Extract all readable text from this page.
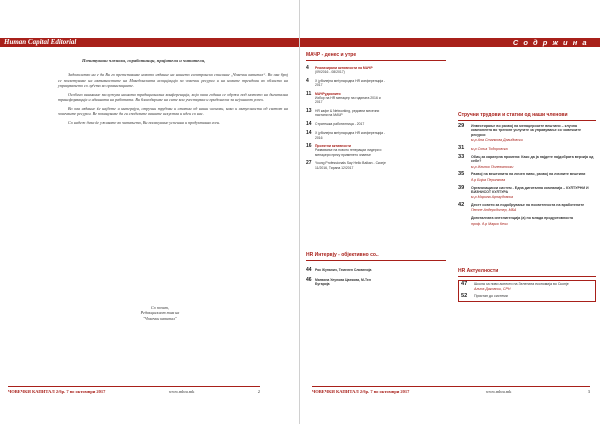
Human Capital Editorial
Почитувани членови, соработници, пријатели и читатели,

Задоволство ни е да Ви го претставиме новото издание на нашето електронско списание „Човечки капитал“. Во ова број се посветуваме на активностите на Македонската асоцијација за човечки ресурси и на новите трендови во областа на управувањето со луѓето во организациите.

Особено внимание заслужува нашата традиционална конференција, која оваа година се одржа под мотото на дигитална трансформација и иднината на работата. Ви благодариме на сите кои учествуваа и придонесоа за нејзиниот успех.

Во ова издание ќе најдете и интервјуа, стручни трудови и статии од наши членови, како и актуелности од светот на човечките ресурси. Ве покануваме да ги споделите вашите искуства и идеи со нас.

Со надеж дека ќе уживате во читањето, Ви посакуваме успешна и продуктивна есен.

Со почит,
Редакцискиот тим на
"Човечки капитал"
ЧОВЕЧКИ КАПИТАЛ 2/бр. 7 во октомври 2017	www.mhrа.mk	2
С о д р ж и н а
МАЧР - денес и утре
4	Реализирани активности на МАЧР
(09/2016 - 08/2017)
4	X јубилејна меѓународна HR конференција - 2017
11	МАЧРудионити
Избор на HR менаџер на годината 2016 и 2017
13	HR кафе & Networking, редовни месечни настани на МАЧР
14	Стратешка работилница - 2017
14	X јубилејна меѓународна HR конференција - 2016
16	Проектни активности
Развивање на новото генерации лидери и менаџери преку применето знаење
27	Young Professionals Say Hello Balkan - Скопје 11/2016, Тирана 12/2017
HR Интервју - објективно со..
44	Рок Жупанич, Темелен Словенија
46	Магвина Улунова Цвекова, М-Тел Бугарија
Стручни трудови и статии од наши членови
29	Инвестирање во развој на менаџерските вештини – клучна компонента во тренинг услугите за управување со човечките ресурси
м-р Ана Станкова Давидовски
31	м-р Соња Тодоровска
33	Обиц за кариерна промена: Како да ја најдете најдобрата верзија од себе?
м-р Илинко Полежаноски
35	Развој на вештинита на личен ниво, развој на личните вештини
д-р Бојка Перинкова
39	Организациски систем - Една дигитална компанија – КУЛТУРНИ И БИЗНИСОТ КУЛТУРА
м-р Марина Арнаудовска
42	Десет совети за подобрување на посветеноста на вработените
Петне Андерсдотер, МБА
Дигиталната интелигенција (а) по млада продуктивноста
проф. д-р Марко Кечи
HR Актуелности
47	Школа за нови аспекти на Зелената економија во Скопје
Алина Даковски, CPH
52	Пристап до системи
ЧОВЕЧКИ КАПИТАЛ 2/бр. 7 во октомври 2017	www.mhrа.mk	3
